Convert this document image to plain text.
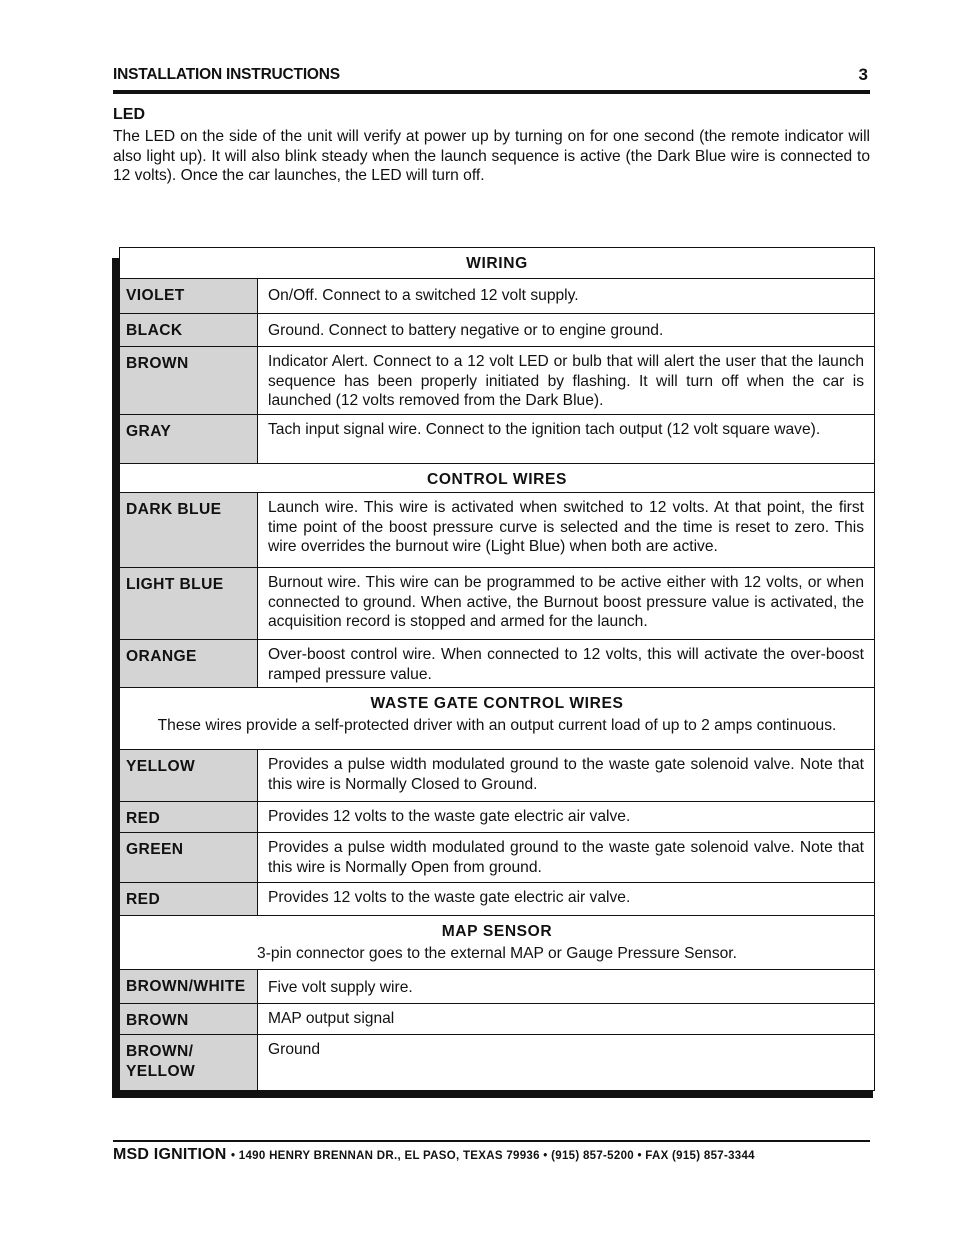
INSTALLATION INSTRUCTIONS	3
LED

The LED on the side of the unit will verify at power up by turning on for one second (the remote indicator will also light up). It will also blink steady when the launch sequence is active (the Dark Blue wire is connected to 12 volts). Once the car launches, the LED will turn off.

WIRING	
VIOLET	On/Off. Connect to a switched 12 volt supply.
BLACK	Ground. Connect to battery negative or to engine ground.
BROWN	Indicator Alert. Connect to a 12 volt LED or bulb that will alert the user that the launch sequence has been properly initiated by flashing. It will turn off when the car is launched (12 volts removed from the Dark Blue).
GRAY	Tach input signal wire. Connect to the ignition tach output (12 volt square wave).
CONTROL WIRES	
DARK BLUE	Launch wire. This wire is activated when switched to 12 volts. At that point, the first time point of the boost pressure curve is selected and the time is reset to zero. This wire overrides the burnout wire (Light Blue) when both are active.
LIGHT BLUE	Burnout wire. This wire can be programmed to be active either with 12 volts, or when connected to ground. When active, the Burnout boost pressure value is activated, the acquisition record is stopped and armed for the launch.
ORANGE	Over-boost control wire. When connected to 12 volts, this will activate the over-boost ramped pressure value.
WASTE GATE CONTROL WIRES
These wires provide a self-protected driver with an output current load of up to 2 amps continuous.	

YELLOW	Provides a pulse width modulated ground to the waste gate solenoid valve. Note that this wire is Normally Closed to Ground.
RED	Provides 12 volts to the waste gate electric air valve.
GREEN	Provides a pulse width modulated ground to the waste gate solenoid valve. Note that this wire is Normally Open from ground.
RED	Provides 12 volts to the waste gate electric air valve.
MAP SENSOR
3-pin connector goes to the external MAP or Gauge Pressure Sensor.	

BROWN/WHITE	Five volt supply wire.
BROWN	MAP output signal
BROWN/ YELLOW	Ground
MSD IGNITION • 1490 HENRY BRENNAN DR., EL PASO, TEXAS 79936 • (915) 857-5200 • FAX (915) 857-3344
